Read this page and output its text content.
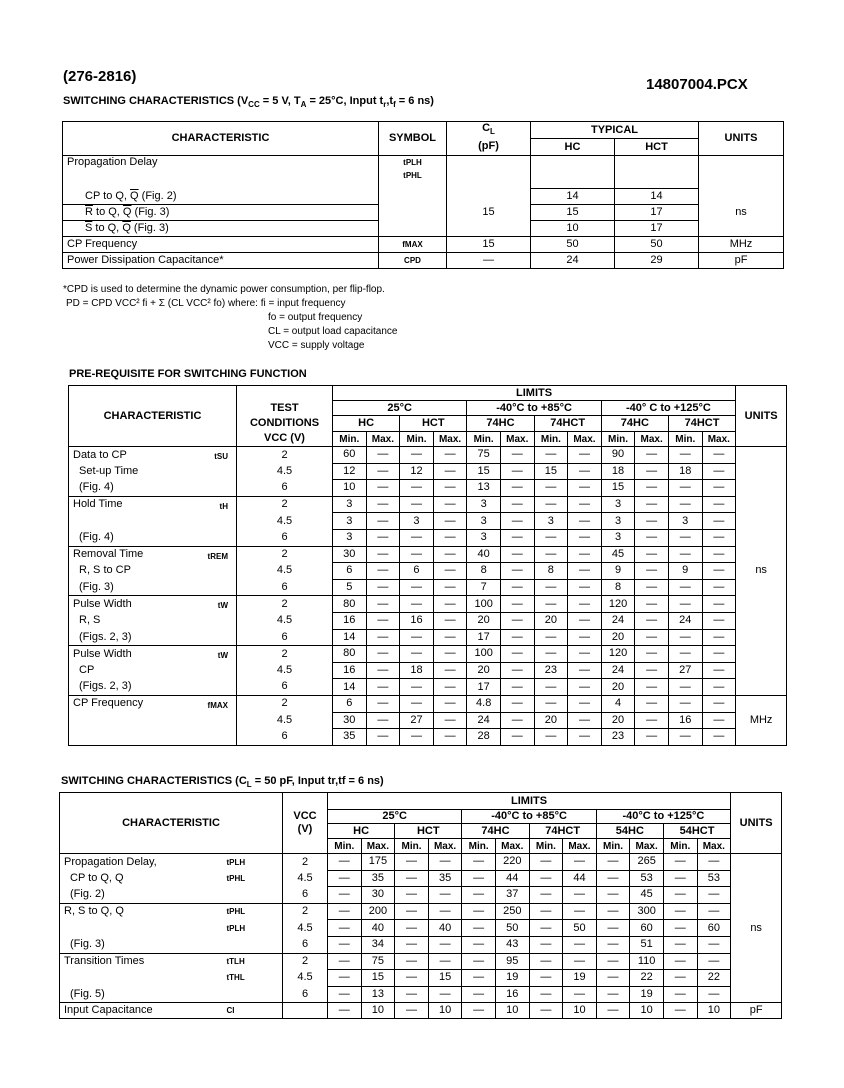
(276-2816)	14807004.PCX
SWITCHING CHARACTERISTICS ($V_{CC} = 5$ V, $T_A = 25^\circ C$, Input $t_r,t_f = 6$ ns)
CHARACTERISTIC	SYMBOL	$C_L$	TYPICAL		UNITS
		(pF)	HC	HCT	
Propagation Delay	tPLH
tPHL				
CP to Q, $\overline{Q}$ (Fig. 2)			14	14	
$\overline{R}$ to Q, $\overline{Q}$ (Fig. 3)		15	15	17	ns
$\overline{S}$ to Q, $\overline{Q}$ (Fig. 3)			10	17	
CP Frequency	fMAX	15	50	50	MHz
Power Dissipation Capacitance*	CPD	—	24	29	pF
*CPD is used to determine the dynamic power consumption, per flip-flop.
PD = CPD VCC² fi + Σ (CL VCC² fo) where: fi = input frequency
fo = output frequency
CL = output load capacitance
VCC = supply voltage
PRE-REQUISITE FOR SWITCHING FUNCTION
CHARACTERISTIC		LIMITS												UNITS
	TEST	25°C				-40°C to +85°C				-40° C to +125°C				
	CONDITIONS	HC		HCT		74HC		74HCT		74HC		74HCT		
	VCC (V)	Min.	Max.	Min.	Max.	Min.	Max.	Min.	Max.	Min.	Max.	Min.	Max.	
Data to CP tSU	2	60	—	—	—	75	—	—	—	90	—	—	—	ns
Set-up Time	4.5	12	—	12	—	15	—	15	—	18	—	18	—	
(Fig. 4)	6	10	—	—	—	13	—	—	—	15	—	—	—	
Hold Time tH	2	3	—	—	—	3	—	—	—	3	—	—	—	
	4.5	3	—	3	—	3	—	3	—	3	—	3	—	
(Fig. 4)	6	3	—	—	—	3	—	—	—	3	—	—	—	
Removal Time tREM	2	30	—	—	—	40	—	—	—	45	—	—	—	
R, S to CP	4.5	6	—	6	—	8	—	8	—	9	—	9	—	
(Fig. 3)	6	5	—	—	—	7	—	—	—	8	—	—	—	
Pulse Width tW	2	80	—	—	—	100	—	—	—	120	—	—	—	
R, S	4.5	16	—	16	—	20	—	20	—	24	—	24	—	
(Figs. 2, 3)	6	14	—	—	—	17	—	—	—	20	—	—	—	
Pulse Width tW	2	80	—	—	—	100	—	—	—	120	—	—	—	
CP	4.5	16	—	18	—	20	—	23	—	24	—	27	—	
(Figs. 2, 3)	6	14	—	—	—	17	—	—	—	20	—	—	—	
CP Frequency fMAX	2	6	—	—	—	4.8	—	—	—	4	—	—	—	MHz
	4.5	30	—	27	—	24	—	20	—	20	—	16	—	
	6	35	—	—	—	28	—	—	—	23	—	—	—	
SWITCHING CHARACTERISTICS ($C_L = 50$ pF, Input tr,tf = 6 ns)
CHARACTERISTIC		VCC
(V)	LIMITS												UNITS
			25°C				-40°C to +85°C				-40°C to +125°C				
			HC		HCT		74HC		74HCT		54HC		54HCT		
			Min.	Max.	Min.	Max.	Min.	Max.	Min.	Max.	Min.	Max.	Min.	Max.	
Propagation Delay,	tPLH	2	—	175	—	—	—	220	—	—	—	265	—	—	ns
CP to Q, Q	tPHL	4.5	—	35	—	35	—	44	—	44	—	53	—	53	
(Fig. 2)		6	—	30	—	—	—	37	—	—	—	45	—	—	
R, S to Q, Q	tPHL	2	—	200	—	—	—	250	—	—	—	300	—	—	
	tPLH	4.5	—	40	—	40	—	50	—	50	—	60	—	60	
(Fig. 3)		6	—	34	—	—	—	43	—	—	—	51	—	—	
Transition Times	tTLH	2	—	75	—	—	—	95	—	—	—	110	—	—	
	tTHL	4.5	—	15	—	15	—	19	—	19	—	22	—	22	
(Fig. 5)		6	—	13	—	—	—	16	—	—	—	19	—	—	
Input Capacitance	CI		—	10	—	10	—	10	—	10	—	10	—	10	pF
